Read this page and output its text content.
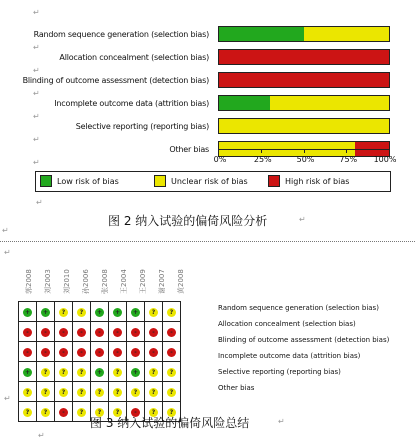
↵
Random sequence generation (selection bias)
↵
Allocation concealment (selection bias)
↵
Blinding of outcome assessment (detection bias)
↵
Incomplete outcome data (attrition bias)
↵
Selective reporting (reporting bias)
↵
Other bias
↵	0%	25%	50%	75% 100%
Low risk of bias	Unclear risk of bias	High risk of bias
↵
图 2 纳入试验的偏倚风险分析	↵
↵
↵
郭2008 刘2003 刘2010 孙2006 张2008 王2004 王2009 谢2007 黄2008
+	+	?	?	+	+	+	?	?

-	-	-	-	-	-	-	-	-

-	-	-	-	-	-	-	-	-

+	?	?	?	+	?	+	?	?

?	?	?	?	?	?	?	?	?

?	?	-	?	?	?	-	?	?
Random sequence generation (selection bias)
Allocation concealment (selection bias)
Blinding of outcome assessment (detection bias)
Incomplete outcome data (attrition bias)
Selective reporting (reporting bias)
Other bias
↵
图 3 纳入试验的偏倚风险总结	↵
↵
